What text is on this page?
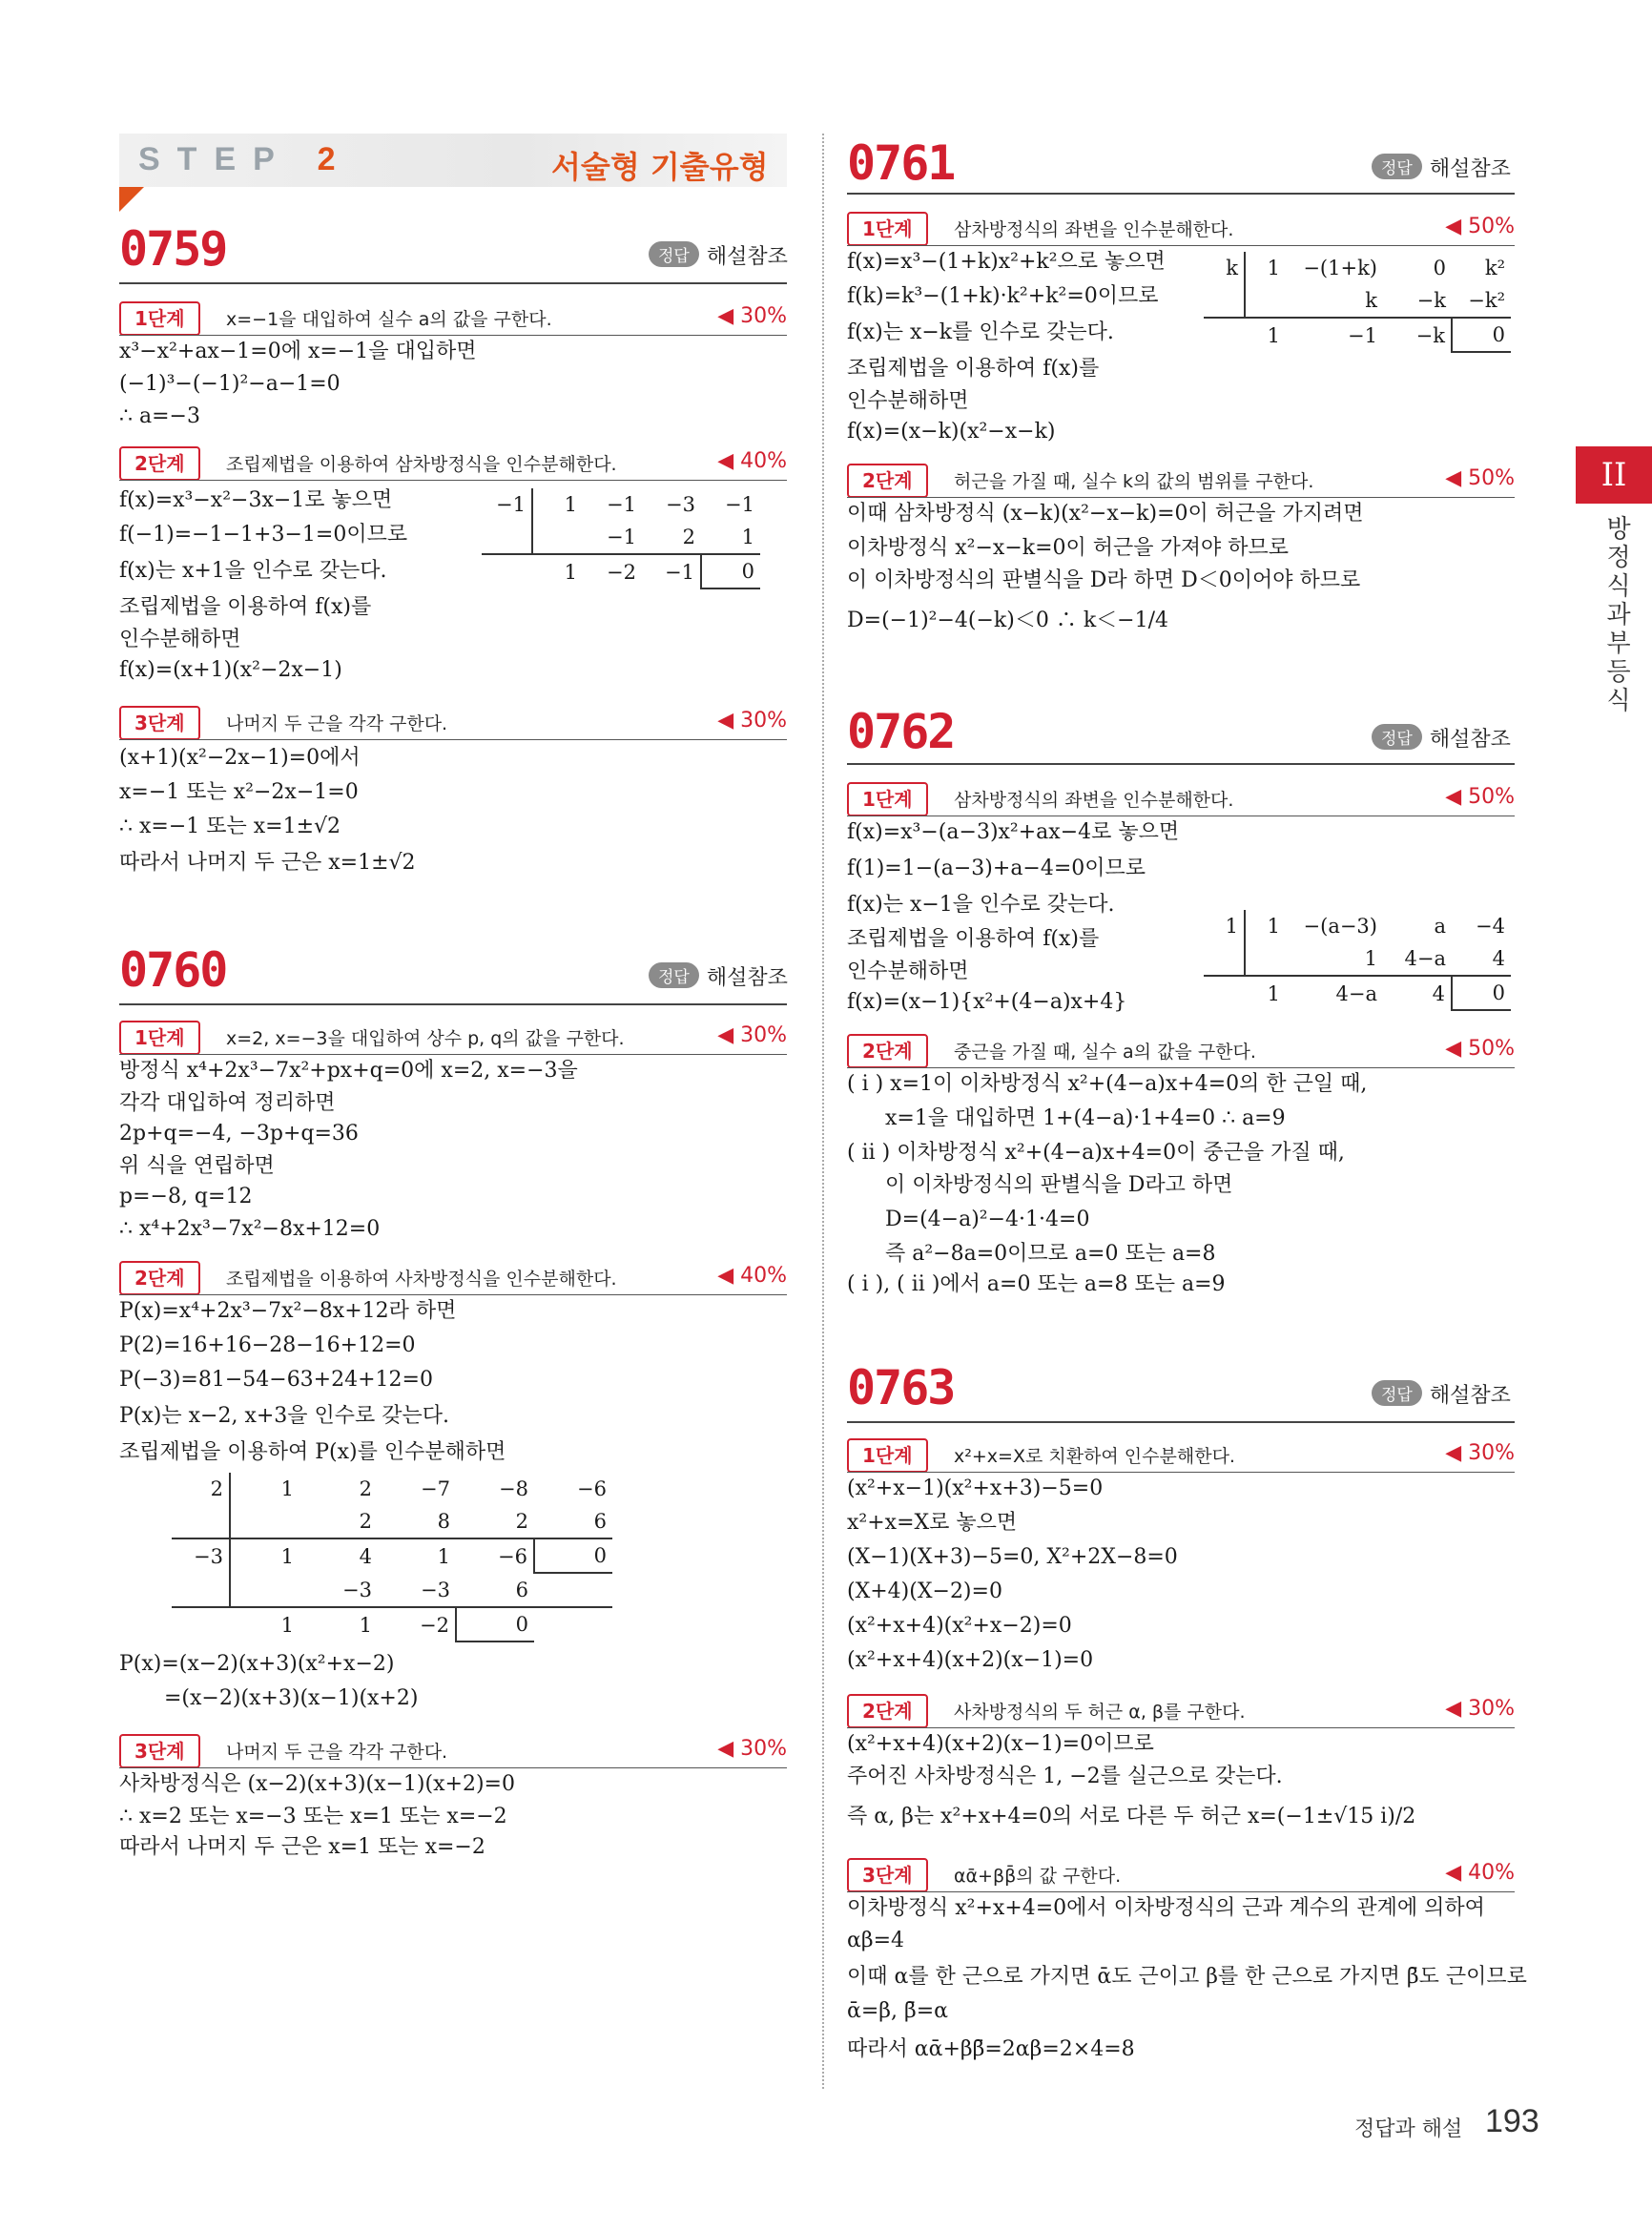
STEP 2	서술형 기출유형
II
방정식과 부등식
0759	정답 해설참조
1단계	x=−1을 대입하여 실수 a의 값을 구한다.	◀ 30%
x³−x²+ax−1=0에 x=−1을 대입하면
(−1)³−(−1)²−a−1=0
∴ a=−3
2단계	조립제법을 이용하여 삼차방정식을 인수분해한다.	◀ 40%
f(x)=x³−x²−3x−1로 놓으면
f(−1)=−1−1+3−1=0이므로
f(x)는 x+1을 인수로 갖는다.
조립제법을 이용하여 f(x)를
인수분해하면
f(x)=(x+1)(x²−2x−1)
−1	1	−1	−3	−1
		−1	2	1
	1	−2	−1	0
3단계	나머지 두 근을 각각 구한다.	◀ 30%
(x+1)(x²−2x−1)=0에서
x=−1 또는 x²−2x−1=0
∴ x=−1 또는 x=1±√2
따라서 나머지 두 근은 x=1±√2
0760	정답 해설참조
1단계	x=2, x=−3을 대입하여 상수 p, q의 값을 구한다.	◀ 30%
방정식 x⁴+2x³−7x²+px+q=0에 x=2, x=−3을
각각 대입하여 정리하면
2p+q=−4, −3p+q=36
위 식을 연립하면
p=−8, q=12
∴ x⁴+2x³−7x²−8x+12=0
2단계	조립제법을 이용하여 사차방정식을 인수분해한다.	◀ 40%
P(x)=x⁴+2x³−7x²−8x+12라 하면
P(2)=16+16−28−16+12=0
P(−3)=81−54−63+24+12=0
P(x)는 x−2, x+3을 인수로 갖는다.
조립제법을 이용하여 P(x)를 인수분해하면
2	1	2	−7	−8	−6
		2	8	2	6
−3	1	4	1	−6	0
		−3	−3	6	
	1	1	−2	0	
P(x)=(x−2)(x+3)(x²+x−2)
=(x−2)(x+3)(x−1)(x+2)
3단계	나머지 두 근을 각각 구한다.	◀ 30%
사차방정식은 (x−2)(x+3)(x−1)(x+2)=0
∴ x=2 또는 x=−3 또는 x=1 또는 x=−2
따라서 나머지 두 근은 x=1 또는 x=−2
0761	정답 해설참조
1단계	삼차방정식의 좌변을 인수분해한다.	◀ 50%
f(x)=x³−(1+k)x²+k²으로 놓으면
f(k)=k³−(1+k)·k²+k²=0이므로
f(x)는 x−k를 인수로 갖는다.
조립제법을 이용하여 f(x)를
인수분해하면
f(x)=(x−k)(x²−x−k)
k	1	−(1+k)	0	k²
		k	−k	−k²
	1	−1	−k	0
2단계	허근을 가질 때, 실수 k의 값의 범위를 구한다.	◀ 50%
이때 삼차방정식 (x−k)(x²−x−k)=0이 허근을 가지려면
이차방정식 x²−x−k=0이 허근을 가져야 하므로
이 이차방정식의 판별식을 D라 하면 D＜0이어야 하므로
D=(−1)²−4(−k)＜0 ∴ k＜−1/4
0762	정답 해설참조
1단계	삼차방정식의 좌변을 인수분해한다.	◀ 50%
f(x)=x³−(a−3)x²+ax−4로 놓으면
f(1)=1−(a−3)+a−4=0이므로
f(x)는 x−1을 인수로 갖는다.
조립제법을 이용하여 f(x)를
인수분해하면
f(x)=(x−1){x²+(4−a)x+4}
1	1	−(a−3)	a	−4
		1	4−a	4
	1	4−a	4	0
2단계	중근을 가질 때, 실수 a의 값을 구한다.	◀ 50%
( i ) x=1이 이차방정식 x²+(4−a)x+4=0의 한 근일 때,
x=1을 대입하면 1+(4−a)·1+4=0 ∴ a=9
( ii ) 이차방정식 x²+(4−a)x+4=0이 중근을 가질 때,
이 이차방정식의 판별식을 D라고 하면
D=(4−a)²−4·1·4=0
즉 a²−8a=0이므로 a=0 또는 a=8
( i ), ( ii )에서 a=0 또는 a=8 또는 a=9
0763	정답 해설참조
1단계	x²+x=X로 치환하여 인수분해한다.	◀ 30%
(x²+x−1)(x²+x+3)−5=0
x²+x=X로 놓으면
(X−1)(X+3)−5=0, X²+2X−8=0
(X+4)(X−2)=0
(x²+x+4)(x²+x−2)=0
(x²+x+4)(x+2)(x−1)=0
2단계	사차방정식의 두 허근 α, β를 구한다.	◀ 30%
(x²+x+4)(x+2)(x−1)=0이므로
주어진 사차방정식은 1, −2를 실근으로 갖는다.
즉 α, β는 x²+x+4=0의 서로 다른 두 허근 x=(−1±√15 i)/2
3단계	αᾱ+ββ̄의 값 구한다.	◀ 40%
이차방정식 x²+x+4=0에서 이차방정식의 근과 계수의 관계에 의하여
αβ=4
이때 α를 한 근으로 가지면 ᾱ도 근이고 β를 한 근으로 가지면 β̄도 근이므로
ᾱ=β, β̄=α
따라서 αᾱ+ββ̄=2αβ=2×4=8
정답과 해설 193
